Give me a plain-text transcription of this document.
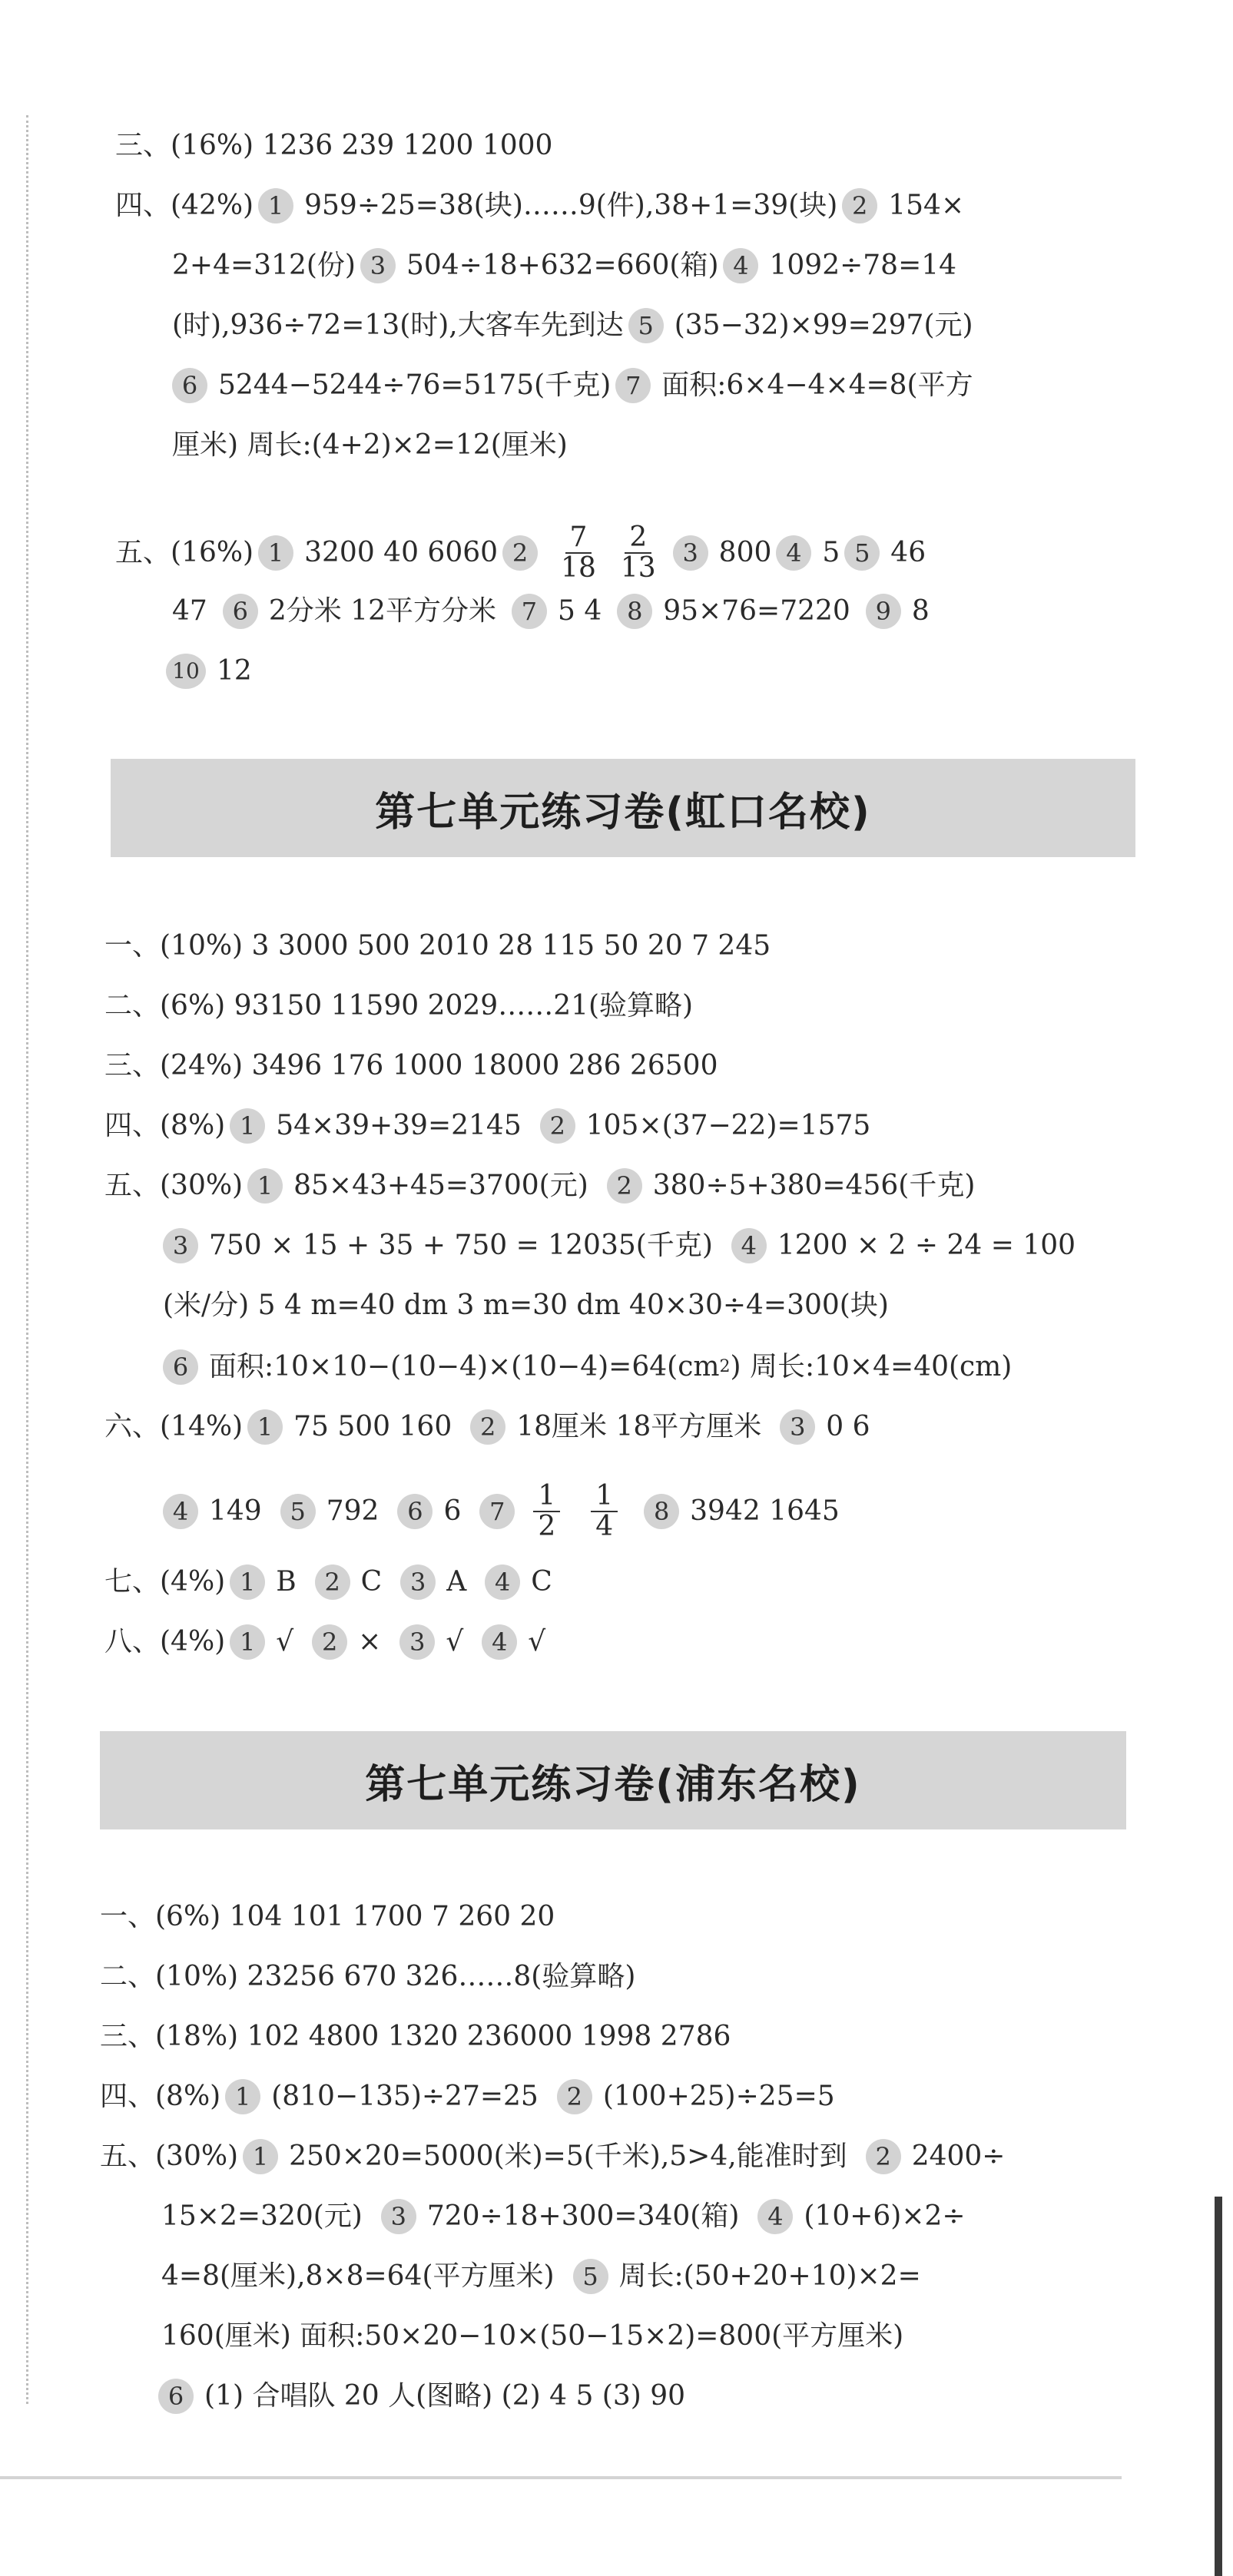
三、(16%) 1236 239 1200 1000
四、(42%) 1 959÷25=38(块)……9(件),38+1=39(块) 2 154×
2+4=312(份) 3 504÷18+632=660(箱) 4 1092÷78=14
(时),936÷72=13(时),大客车先到达 5 (35−32)×99=297(元)
6 5244−5244÷76=5175(千克) 7 面积:6×4−4×4=8(平方
厘米) 周长:(4+2)×2=12(厘米)
五、(16%) 1 3200 40 6060 2	$\frac{7}{18} \frac{2}{13} 3$ 800 4 5 5 46
47	6 2分米 12平方分米	7 5 4	8 95×76=7220	9 8
10 12
第七单元练习卷(虹口名校)
一、(10%) 3 3000 500 2010 28 115 50 20 7 245
二、(6%) 93150 11590 2029……21(验算略)
三、(24%) 3496 176 1000 18000 286 26500
四、(8%) 1 54×39+39=2145	2 105×(37−22)=1575
五、(30%) 1 85×43+45=3700(元)	2 380÷5+380=456(千克)
3 750 × 15 + 35 + 750 = 12035(千克)	4 1200 × 2 ÷ 24 = 100
(米/分) 5 4 m=40 dm 3 m=30 dm 40×30÷4=300(块)
6 面积:10×10−(10−4)×(10−4)=64(cm 2 ) 周长:10×4=40(cm)
六、(14%) 1 75 500 160	2 18厘米 18平方厘米	3 0 6
4 149	5 792	6 6	7	$\frac{1}{2} \frac{1}{4}$	8 3942 1645
七、(4%) 1 B	2 C	3 A	4 C
八、(4%) 1 √	2 ×	3 √	4 √
第七单元练习卷(浦东名校)
一、(6%) 104 101 1700 7 260 20
二、(10%) 23256 670 326……8(验算略)
三、(18%) 102 4800 1320 236000 1998 2786
四、(8%) 1 (810−135)÷27=25	2 (100+25)÷25=5
五、(30%) 1 250×20=5000(米)=5(千米),5>4,能准时到	2 2400÷
15×2=320(元)	3 720÷18+300=340(箱)	4 (10+6)×2÷
4=8(厘米),8×8=64(平方厘米)	5 周长:(50+20+10)×2=
160(厘米) 面积:50×20−10×(50−15×2)=800(平方厘米)
6 (1) 合唱队 20 人(图略) (2) 4 5 (3) 90
